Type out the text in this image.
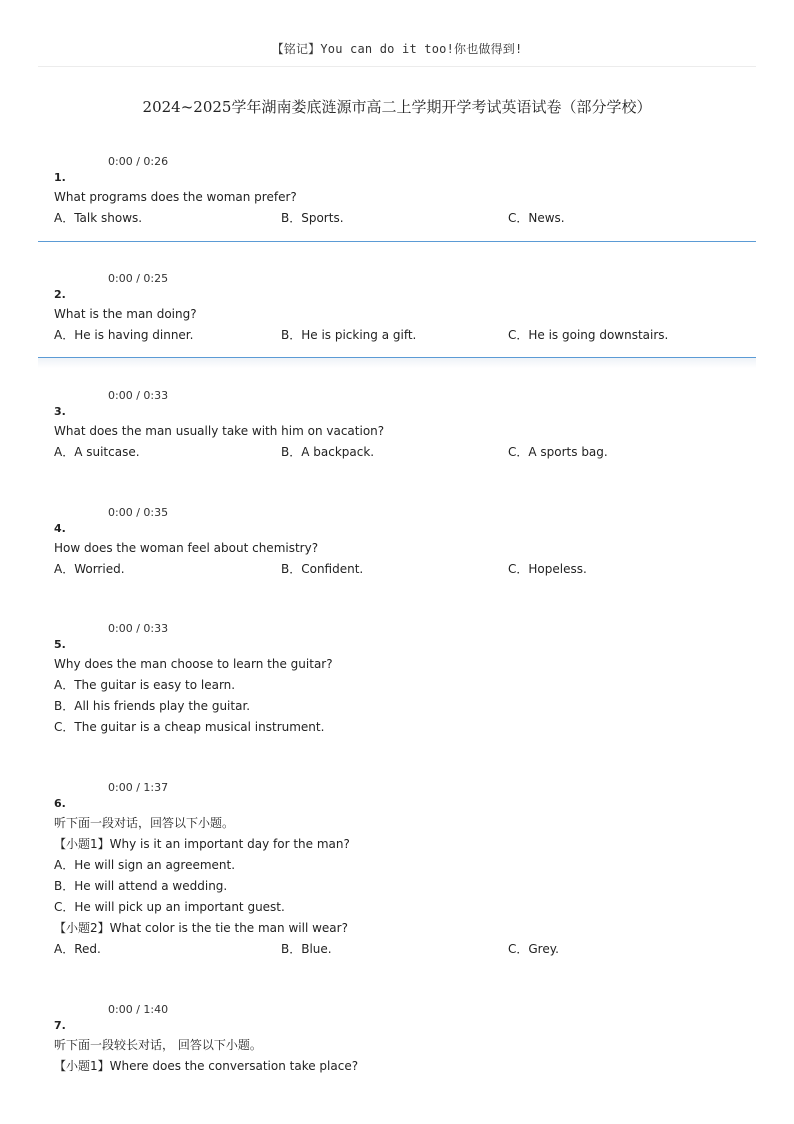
【铭记】You can do it too!你也做得到!
2024~2025学年湖南娄底涟源市高二上学期开学考试英语试卷（部分学校）
0:00 / 0:26
1.
What programs does the woman prefer?
A．Talk shows.	B．Sports.	C．News.
0:00 / 0:25
2.
What is the man doing?
A．He is having dinner.	B．He is picking a gift.	C．He is going downstairs.
0:00 / 0:33
3.
What does the man usually take with him on vacation?
A．A suitcase.	B．A backpack.	C．A sports bag.
0:00 / 0:35
4.
How does the woman feel about chemistry?
A．Worried.	B．Confident.	C．Hopeless.
0:00 / 0:33
5.
Why does the man choose to learn the guitar?
A．The guitar is easy to learn.
B．All his friends play the guitar.
C．The guitar is a cheap musical instrument.
0:00 / 1:37
6.
听下面一段对话，回答以下小题。
【小题1】Why is it an important day for the man?
A．He will sign an agreement.
B．He will attend a wedding.
C．He will pick up an important guest.
【小题2】What color is the tie the man will wear?
A．Red.	B．Blue.	C．Grey.
0:00 / 1:40
7.
听下面一段较长对话， 回答以下小题。
【小题1】Where does the conversation take place?
